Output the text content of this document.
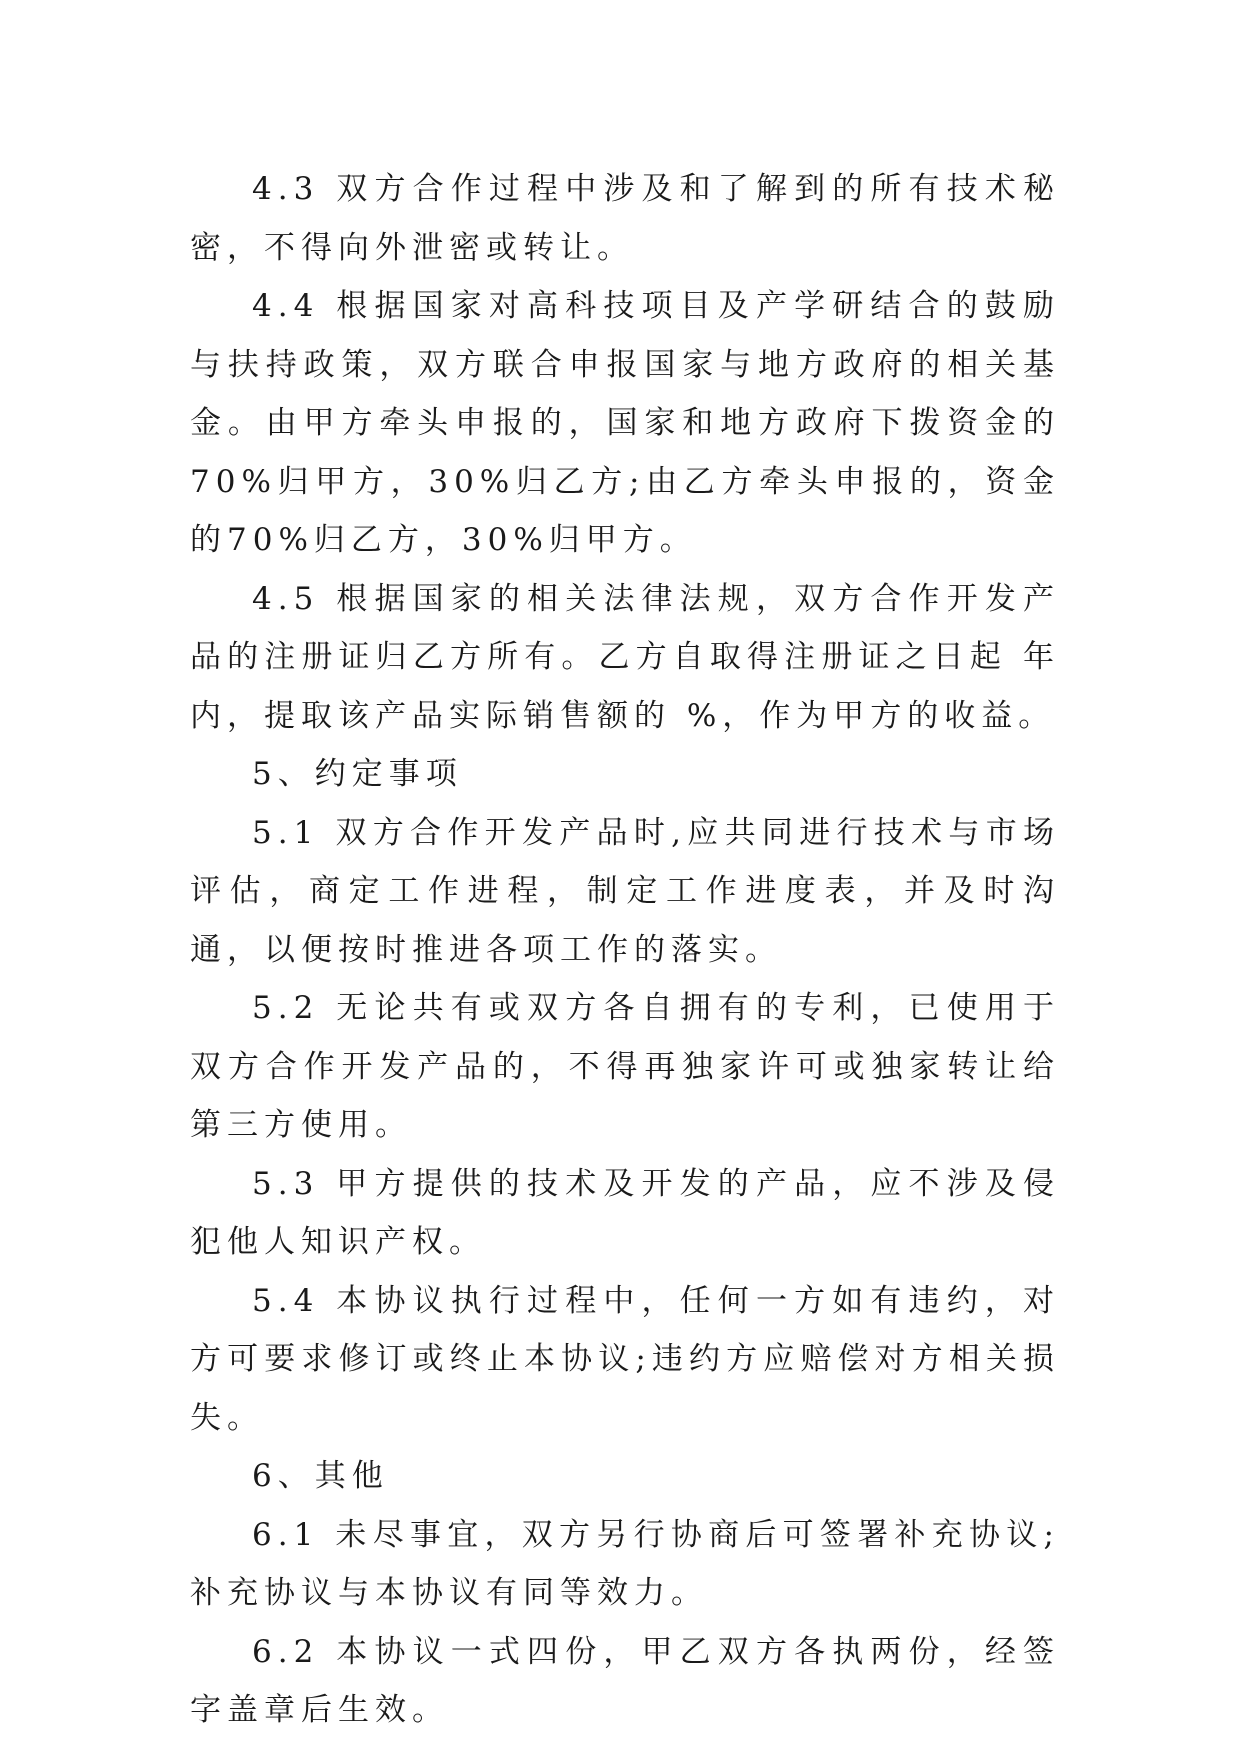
4.3 双方合作过程中涉及和了解到的所有技术秘密，不得向外泄密或转让。

4.4 根据国家对高科技项目及产学研结合的鼓励与扶持政策，双方联合申报国家与地方政府的相关基金。由甲方牵头申报的，国家和地方政府下拨资金的70%归甲方，30%归乙方;由乙方牵头申报的，资金的70%归乙方，30%归甲方。

4.5 根据国家的相关法律法规，双方合作开发产品的注册证归乙方所有。乙方自取得注册证之日起 年内，提取该产品实际销售额的 %，作为甲方的收益。

5、约定事项

5.1 双方合作开发产品时,应共同进行技术与市场评估，商定工作进程，制定工作进度表，并及时沟通，以便按时推进各项工作的落实。

5.2 无论共有或双方各自拥有的专利，已使用于双方合作开发产品的，不得再独家许可或独家转让给第三方使用。

5.3 甲方提供的技术及开发的产品，应不涉及侵犯他人知识产权。

5.4 本协议执行过程中，任何一方如有违约，对方可要求修订或终止本协议;违约方应赔偿对方相关损失。

6、其他

6.1 未尽事宜，双方另行协商后可签署补充协议;补充协议与本协议有同等效力。

6.2 本协议一式四份，甲乙双方各执两份，经签字盖章后生效。
